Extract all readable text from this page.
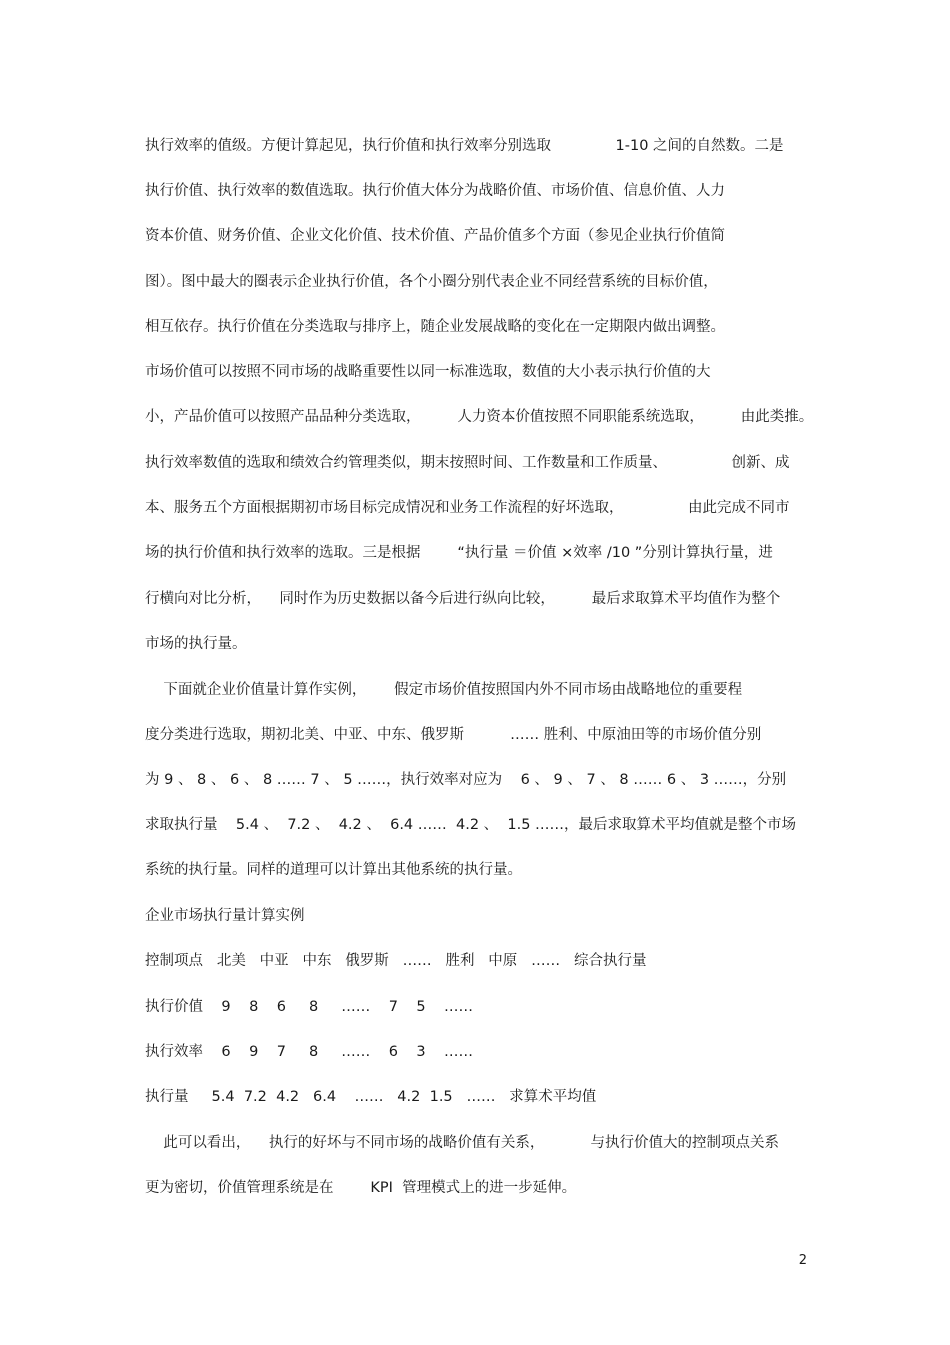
执行效率的值级。方便计算起见，执行价值和执行效率分别选取              1-10 之间的自然数。二是
执行价值、执行效率的数值选取。执行价值大体分为战略价值、市场价值、信息价值、人力
资本价值、财务价值、企业文化价值、技术价值、产品价值多个方面（参见企业执行价值简
图）。图中最大的圈表示企业执行价值，各个小圈分别代表企业不同经营系统的目标价值，
相互依存。执行价值在分类选取与排序上，随企业发展战略的变化在一定期限内做出调整。
市场价值可以按照不同市场的战略重要性以同一标准选取，数值的大小表示执行价值的大
小，产品价值可以按照产品品种分类选取，        人力资本价值按照不同职能系统选取，        由此类推。
执行效率数值的选取和绩效合约管理类似，期末按照时间、工作数量和工作质量、              创新、成
本、服务五个方面根据期初市场目标完成情况和业务工作流程的好坏选取，              由此完成不同市
场的执行价值和执行效率的选取。三是根据        “执行量 ＝价值 ×效率 /10 ”分别计算执行量，进
行横向对比分析，    同时作为历史数据以备今后进行纵向比较，        最后求取算术平均值作为整个
市场的执行量。
下面就企业价值量计算作实例，      假定市场价值按照国内外不同市场由战略地位的重要程
度分类进行选取，期初北美、中亚、中东、俄罗斯          …… 胜利、中原油田等的市场价值分别
为 9 、 8 、 6 、 8 …… 7 、 5 ……，执行效率对应为    6 、 9 、 7 、 8 …… 6 、 3 ……，分别
求取执行量    5.4 、  7.2 、  4.2 、  6.4 ……  4.2 、  1.5 ……，最后求取算术平均值就是整个市场
系统的执行量。同样的道理可以计算出其他系统的执行量。
企业市场执行量计算实例
控制项点   北美   中亚   中东   俄罗斯   ……   胜利   中原   ……   综合执行量
执行价值    9    8    6     8     ……    7    5    ……
执行效率    6    9    7     8     ……    6    3    ……
执行量     5.4  7.2  4.2   6.4    ……   4.2  1.5   ……   求算术平均值
此可以看出，    执行的好坏与不同市场的战略价值有关系，          与执行价值大的控制项点关系
更为密切，价值管理系统是在        KPI  管理模式上的进一步延伸。
2
